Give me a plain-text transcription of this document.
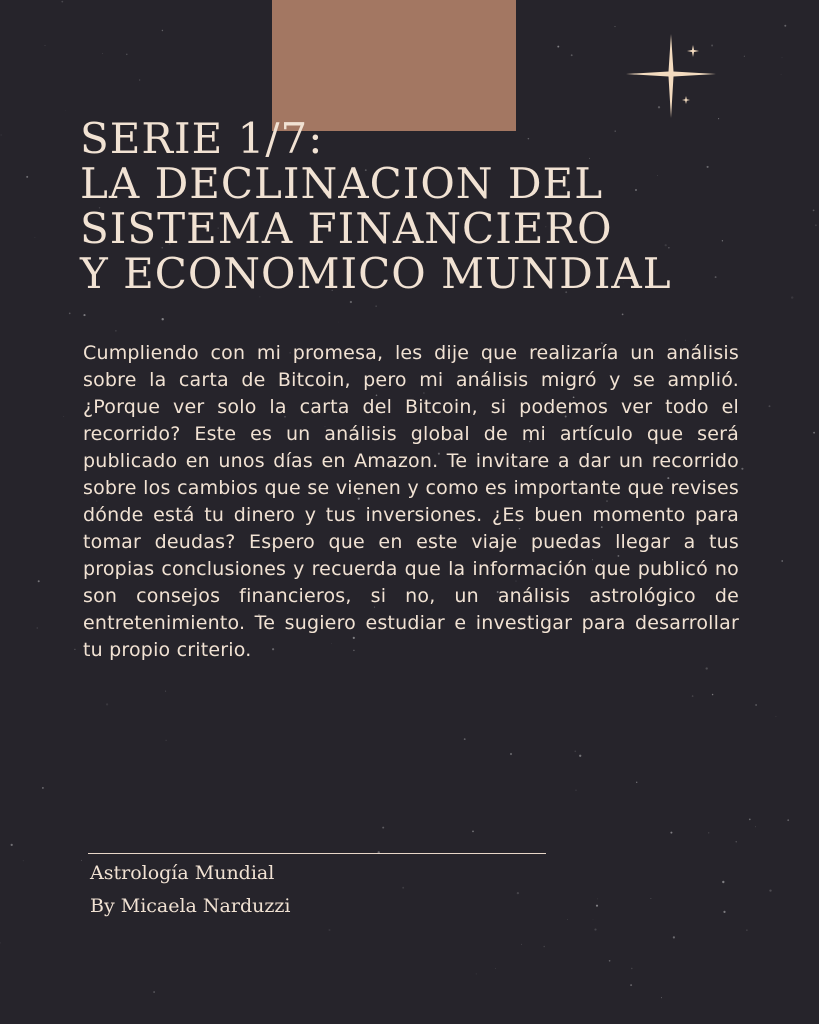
SERIE 1/7:
LA DECLINACION DEL
SISTEMA FINANCIERO
Y ECONOMICO MUNDIAL

Cumpliendo con mi promesa, les dije que realizaría un análisis sobre la carta de Bitcoin, pero mi análisis migró y se amplió. ¿Porque ver solo la carta del Bitcoin, si podemos ver todo el recorrido? Este es un análisis global de mi artículo que será publicado en unos días en Amazon. Te invitare a dar un recorrido sobre los cambios que se vienen y como es importante que revises dónde está tu dinero y tus inversiones. ¿Es buen momento para tomar deudas? Espero que en este viaje puedas llegar a tus propias conclusiones y recuerda que la información que publicó no son consejos financieros, si no, un análisis astrológico de entretenimiento. Te sugiero estudiar e investigar para desarrollar tu propio criterio.

Astrología Mundial
By Micaela Narduzzi
